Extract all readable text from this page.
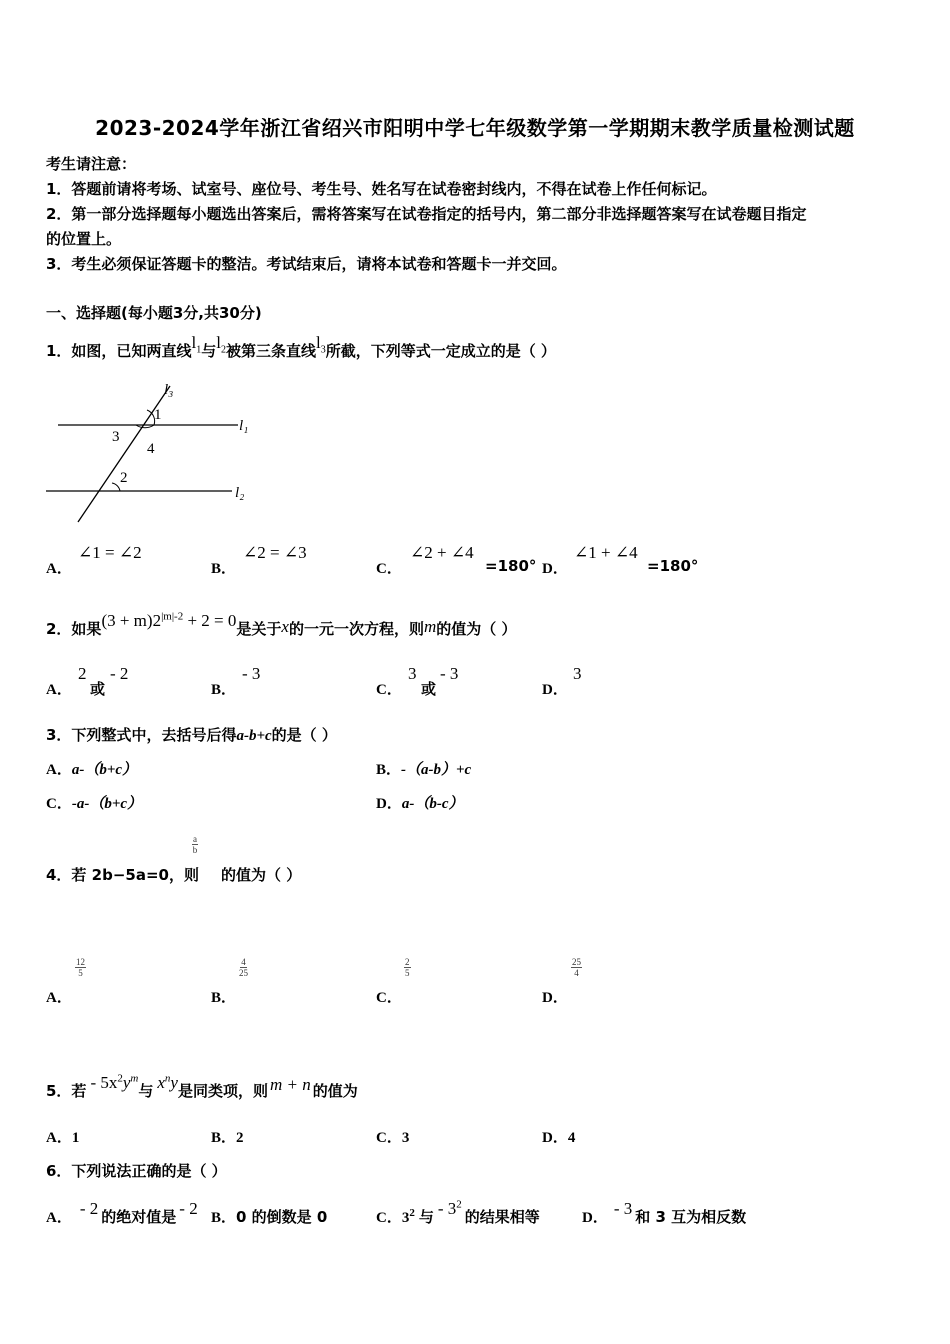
2023-2024学年浙江省绍兴市阳明中学七年级数学第一学期期末教学质量检测试题
考生请注意：
1．答题前请将考场、试室号、座位号、考生号、姓名写在试卷密封线内，不得在试卷上作任何标记。
2．第一部分选择题每小题选出答案后，需将答案写在试卷指定的括号内，第二部分非选择题答案写在试卷题目指定
的位置上。
3．考生必须保证答题卡的整洁。考试结束后，请将本试卷和答题卡一并交回。
一、选择题(每小题3分,共30分)
1．如图，已知两直线$l_1$与$l_2$被第三条直线$l_3$所截，下列等式一定成立的是（ ）
l₃
l₁
l₂
1
3
4
2
A．
∠1 = ∠2
B．
∠2 = ∠3
C．
∠2 + ∠4
=180° D．
∠1 + ∠4
=180°
2．如果$(3 + m)2^{|m|-2} + 2 = 0$是关于x的一元一次方程，则m的值为（ ）
A．
2
或
- 2
B．
- 3
C．
3
或
- 3
D．
3
3．下列整式中，去括号后得a-b+c的是（ ）
A．a-（b+c）	B．-（a-b）+c
C．-a-（b+c）	D．a-（b-c）
4．若 2b−5a=0，则 的值为（ ）
$\frac{a}{b}$
A．
$\frac{12}{5}$
B．
$\frac{4}{25}$
C．
$\frac{2}{5}$
D．
$\frac{25}{4}$
5．若 - $5x^2y^m$与 $x^ny$是同类项，则 m + n 的值为
A．1	B．2	C．3	D．4
6．下列说法正确的是（ ）
A． - 2 的绝对值是 - 2 B．0 的倒数是 0	C．$3^2$ 与 - $3^2$的结果相等	D． - 3 和 3 互为相反数
